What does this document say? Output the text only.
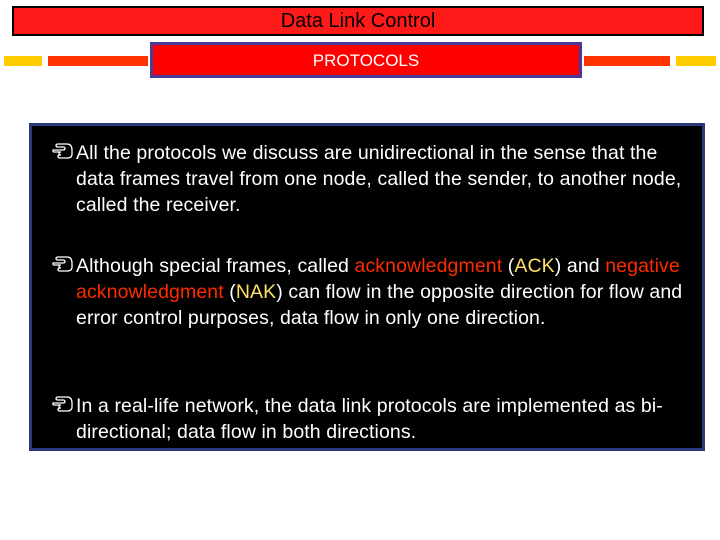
Data Link Control
PROTOCOLS
All the protocols we discuss are unidirectional in the sense that the data frames travel from one node, called the sender, to another node, called the receiver.
Although special frames, called acknowledgment (ACK) and negative acknowledgment (NAK) can flow in the opposite direction for flow and error control purposes, data flow in only one direction.
In a real-life network, the data link protocols are implemented as bi-directional; data flow in both directions.
